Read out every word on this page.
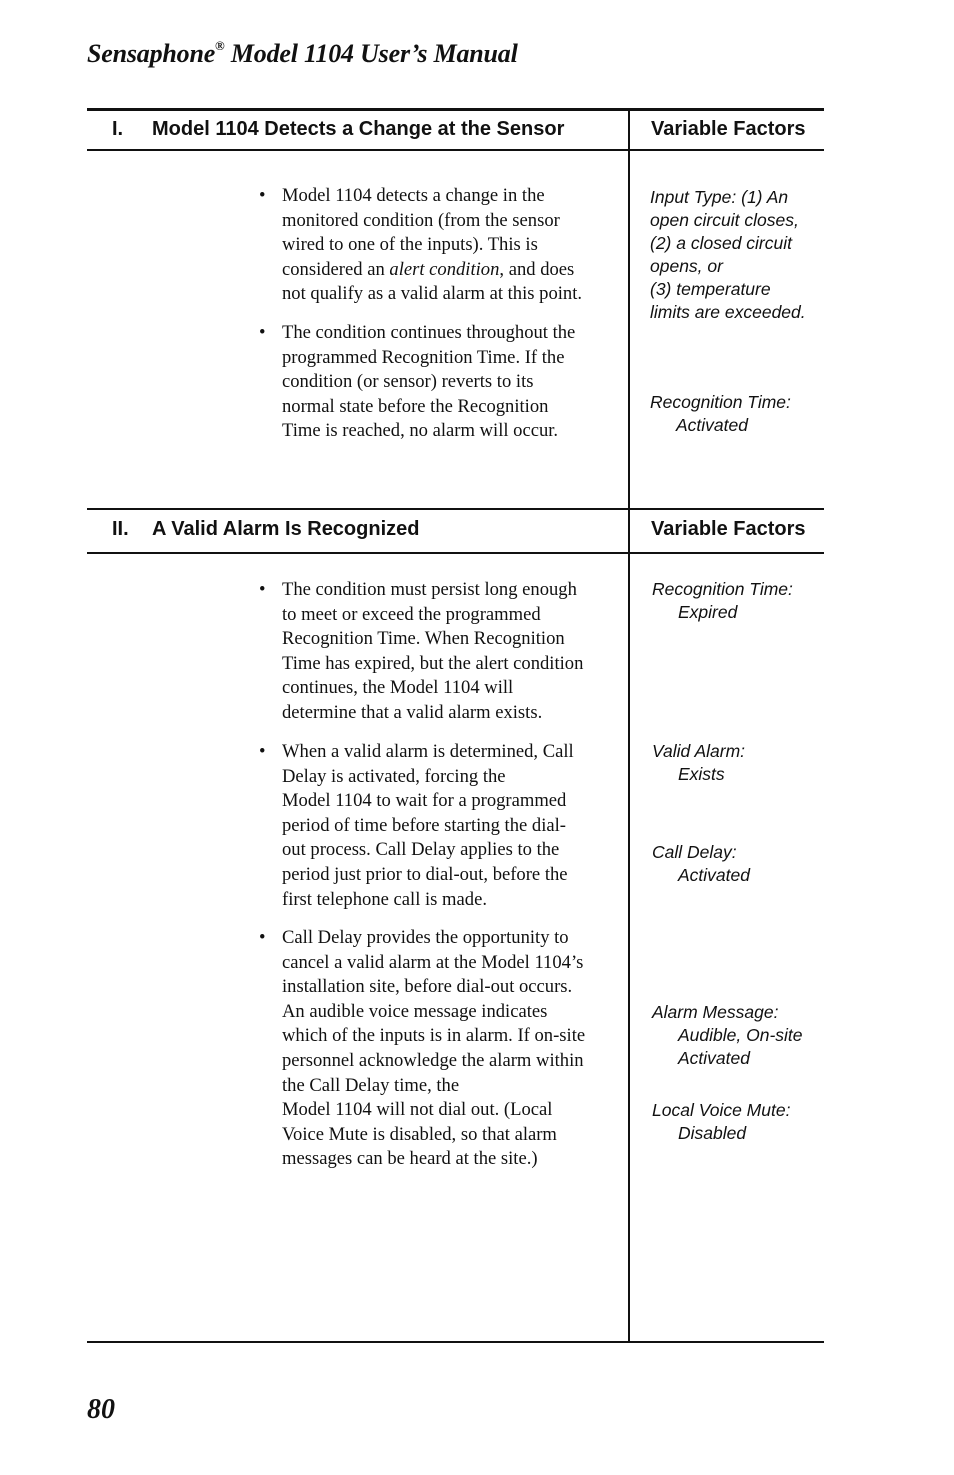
Sensaphone® Model 1104 User’s Manual
I. Model 1104 Detects a Change at the Sensor	Variable Factors
• Model 1104 detects a change in the
monitored condition (from the sensor
wired to one of the inputs). This is
considered an alert condition, and does
not qualify as a valid alarm at this point.
• The condition continues throughout the
programmed Recognition Time. If the
condition (or sensor) reverts to its
normal state before the Recognition
Time is reached, no alarm will occur.
Input Type: (1) An
open circuit closes,
(2) a closed circuit
opens, or
(3) temperature
limits are exceeded.
Recognition Time:
Activated
II. A Valid Alarm Is Recognized	Variable Factors
• The condition must persist long enough
to meet or exceed the programmed
Recognition Time. When Recognition
Time has expired, but the alert condition
continues, the Model 1104 will
determine that a valid alarm exists.
• When a valid alarm is determined, Call
Delay is activated, forcing the
Model 1104 to wait for a programmed
period of time before starting the dial-
out process. Call Delay applies to the
period just prior to dial-out, before the
first telephone call is made.
• Call Delay provides the opportunity to
cancel a valid alarm at the Model 1104’s
installation site, before dial-out occurs.
An audible voice message indicates
which of the inputs is in alarm. If on-site
personnel acknowledge the alarm within
the Call Delay time, the
Model 1104 will not dial out. (Local
Voice Mute is disabled, so that alarm
messages can be heard at the site.)
Recognition Time:
Expired
Valid Alarm:
Exists
Call Delay:
Activated
Alarm Message:
Audible, On-site
Activated
Local Voice Mute:
Disabled
80
